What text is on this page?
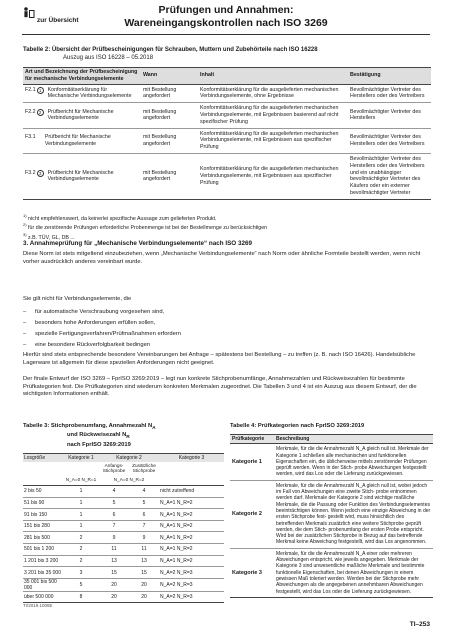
zur Übersicht
Prüfungen und Annahmen:
Wareneingangskontrollen nach ISO 3269
Tabelle 2: Übersicht der Prüfbescheinigungen für Schrauben, Muttern und Zubehörteile nach ISO 16228
Auszug aus ISO 16228 – 05.2018
Art und Bezeichnung der Prüfbescheinigung für mechanische Verbindungselemente	Wann	Inhalt	Bestätigung

F2.1 1 Konformitätserklärung für Mechanische Verbindungselemente	mit Bestellung angefordert	Konformitätserklärung für die ausgelieferten mechanischen Verbindungselemente, ohne Ergebnisse	Bevollmächtigter Vertreter des Herstellers oder des Vertreibers

F2.2 2 Prüfbericht für Mechanische Verbindungselemente	mit Bestellung angefordert	Konformitätserklärung für die ausgelieferten mechanischen Verbindungselemente, mit Ergebnissen basierend auf nicht spezifischer Prüfung	Bevollmächtigter Vertreter des Herstellers

F3.1 Prüfbericht für Mechanische Verbindungselemente	mit Bestellung angefordert	Konformitätserklärung für die ausgelieferten mechanischen Verbindungselemente, mit Ergebnissen aus spezifischer Prüfung	Bevollmächtigter Vertreter des Herstellers oder des Vertreibers

F3.2 3 Prüfbericht für Mechanische Verbindungselemente	mit Bestellung angefordert	Konformitätserklärung für die ausgelieferten mechanischen Verbindungselemente, mit Ergebnissen aus spezifischer Prüfung	Bevollmächtigter Vertreter des Herstellers oder des Vertreibers und ein unabhängiger bevollmächtigter Vertreter des Käufers oder ein externer bevollmächtigter Vertreter
$^{1)}$ nicht empfehlenswert, da keinerlei spezifische Aussage zum gelieferten Produkt.
$^{2)}$ für die zerstörende Prüfungen erforderliche Probenmenge ist bei der Bestellmenge zu berücksichtigen
$^{3)}$ z.B. TÜV, GL, DB ...
3. Annahmeprüfung für „Mechanische Verbindungselemente“ nach ISO 3269
Diese Norm ist stets mitgeltend einzubeziehen, wenn „Mechanische Verbindungselemente“ nach Norm oder ähnliche Formteile bestellt werden, wenn nicht vorher ausdrücklich anderes vereinbart wurde.
Sie gilt nicht für Verbindungselemente, die
– für automatische Verschraubung vorgesehen sind,
– besonders hohe Anforderungen erfüllen sollen,
– spezielle Fertigungsverfahren/Prüfmaßnahmen erfordern
– eine besondere Rückverfolgbarkeit bedingen
Hierfür sind stets entsprechende besondere Vereinbarungen bei Anfrage – spätestens bei Bestellung – zu treffen (z. B. nach ISO 16426). Handelsübliche Lagerware ist allgemein für diese speziellen Anforderungen nicht geeignet.
Der finale Entwurf der ISO 3269 – FprISO 3269:2019 – legt nun konkrete Stichprobenumfänge, Annahmezahlen und Rückweisezahlen für bestimmte Prüfkategorien fest. Die Prüfkategorien sind wiederum konkreten Merkmalen zugeordnet. Die Tabellen 3 und 4 ist ein Auszug aus diesem Entwurf, der die wichtigsten Informationen enthält.
Tabelle 3: Stichprobenumfang, Annahmezahl $N_A$
und Rückweisezahl $N_R$
nach FprISO 3269:2019
Losgröße	Kategorie 1	Kategorie 2		Kategorie 3
		Anfangs-Stichprobe	Zusätzliche Stichprobe	
	N_A=0 N_R=1	N_A=0 N_R=2		
2 bis 50	1	4	4	nicht zutreffend
51 bis 90	1	5	5	N_A=1 N_R=2
91 bis 150	1	6	6	N_A=1 N_R=2
151 bis 280	1	7	7	N_A=1 N_R=2
281 bis 500	2	9	9	N_A=1 N_R=2
501 bis 1 200	2	11	11	N_A=1 N_R=2
1 201 bis 3 200	2	13	13	N_A=1 N_R=2
3 201 bis 35 000	3	15	15	N_A=2 N_R=3
35 001 bis 500 000	5	20	20	N_A=2 N_R=3
über 500 000	8	20	20	N_A=2 N_R=3
Tabelle 4: Prüfkategorien nach FprISO 3269:2019
Prüfkategorie	Beschreibung
Kategorie 1	Merkmale, für die die Annahmezahl N_A gleich null ist. Merkmale der Kategorie 1 schließen alle mechanischen und funktionellen Eigenschaften ein, die üblicherweise mittels zerstörender Prüfungen geprüft werden. Wenn in der Stich- probe Abweichungen festgestellt werden, wird das Los oder die Lieferung zurückgewiesen.
Kategorie 2	Merkmale, für die die Annahmezahl N_A gleich null ist, wobei jedoch im Fall von Abweichungen eine zweite Stich- probe entnommen werden darf. Merkmale der Kategorie 2 sind wichtige maßliche Merkmale, die die Passung oder Funktion des Verbindungselementes beeinträchtigen können. Wenn jedoch eine einzige Abweichung in der ersten Stichprobe fest- gestellt wird, muss hinsichtlich des betreffenden Merkmals zusätzlich eine weitere Stichprobe geprüft werden, die dem Stich- probenumfang der ersten Probe entspricht. Wird bei der zusätzlichen Stichprobe in Bezug auf das betreffende Merkmal keine Abweichung festgestellt, wird das Los angenommen.
Kategorie 3	Merkmale, für die die Annahmezahl N_A einer oder mehreren Abweichungen entspricht, wie jeweils angegeben. Merkmale der Kategorie 3 sind unwesentliche maßliche Merkmale und bestimmte funktionelle Eigenschaften, bei denen Abweichungen in einem gewissen Maß toleriert werden. Werden bei der Stichprobe mehr Abweichungen als die angegebenen annehmbaren Abweichungen festgestellt, wird das Los oder die Lieferung zurückgewiesen.
TI/2019.1008E
TI–253
